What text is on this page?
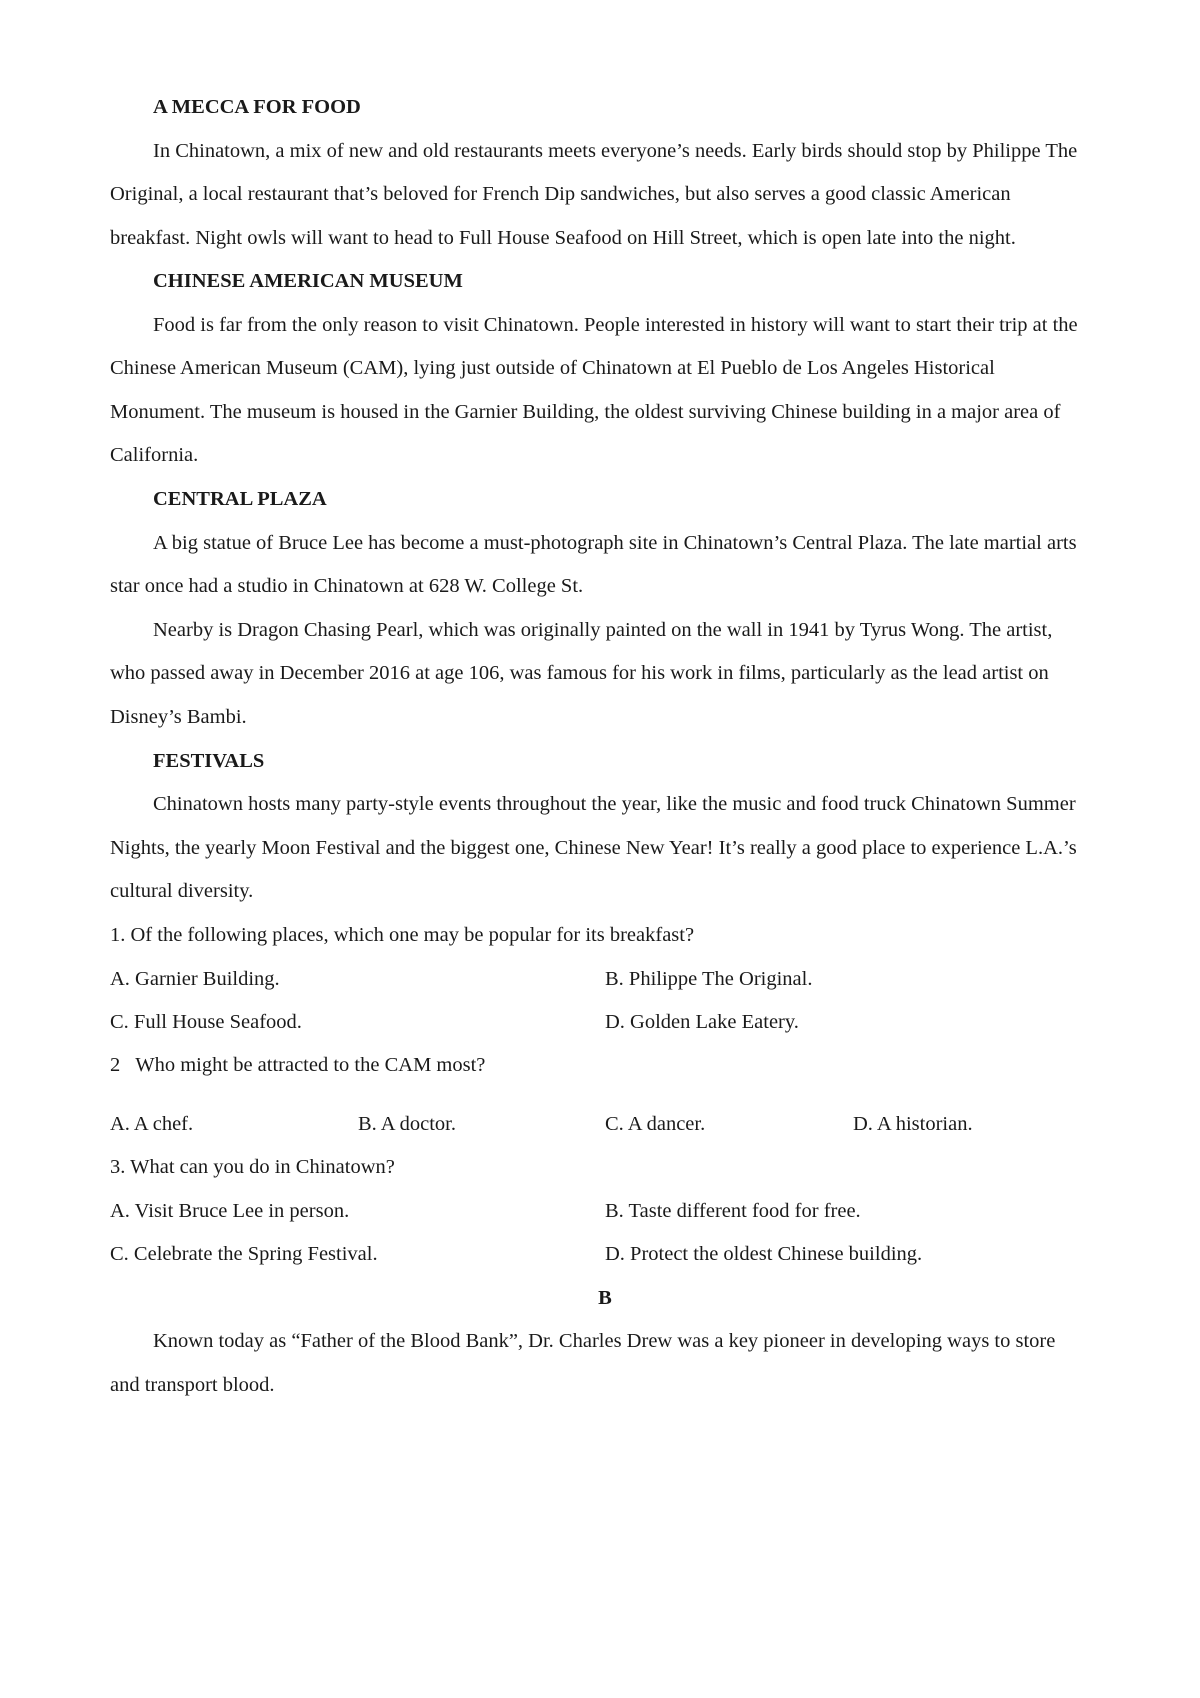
A MECCA FOR FOOD
In Chinatown, a mix of new and old restaurants meets everyone’s needs. Early birds should stop by Philippe The
Original, a local restaurant that’s beloved for French Dip sandwiches, but also serves a good classic American
breakfast. Night owls will want to head to Full House Seafood on Hill Street, which is open late into the night.
CHINESE AMERICAN MUSEUM
Food is far from the only reason to visit Chinatown. People interested in history will want to start their trip at the
Chinese American Museum (CAM), lying just outside of Chinatown at El Pueblo de Los Angeles Historical
Monument. The museum is housed in the Garnier Building, the oldest surviving Chinese building in a major area of
California.
CENTRAL PLAZA
A big statue of Bruce Lee has become a must-photograph site in Chinatown’s Central Plaza. The late martial arts
star once had a studio in Chinatown at 628 W. College St.
Nearby is Dragon Chasing Pearl, which was originally painted on the wall in 1941 by Tyrus Wong. The artist,
who passed away in December 2016 at age 106, was famous for his work in films, particularly as the lead artist on
Disney’s Bambi.
FESTIVALS
Chinatown hosts many party-style events throughout the year, like the music and food truck Chinatown Summer
Nights, the yearly Moon Festival and the biggest one, Chinese New Year! It’s really a good place to experience L.A.’s
cultural diversity.
1. Of the following places, which one may be popular for its breakfast?
A. Garnier Building.	B. Philippe The Original.
C. Full House Seafood.	D. Golden Lake Eatery.
2   Who might be attracted to the CAM most?
A. A chef.	B. A doctor.	C. A dancer.	D. A historian.
3. What can you do in Chinatown?
A. Visit Bruce Lee in person.	B. Taste different food for free.
C. Celebrate the Spring Festival.	D. Protect the oldest Chinese building.
B
Known today as “Father of the Blood Bank”, Dr. Charles Drew was a key pioneer in developing ways to store
and transport blood.
